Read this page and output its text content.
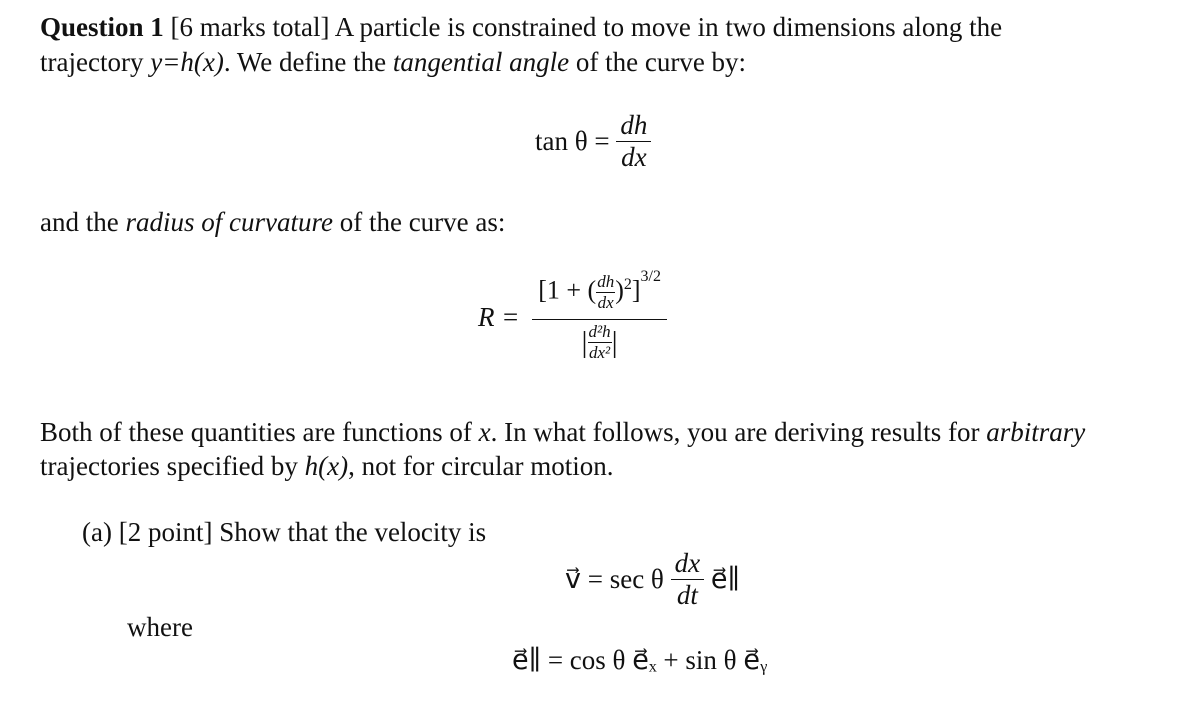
Question 1 [6 marks total] A particle is constrained to move in two dimensions along the
trajectory y=h(x). We define the tangential angle of the curve by:
$\tan \theta = \frac{dh}{dx}$
and the radius of curvature of the curve as:
$R = \frac{[1 + ( \frac{dh}{dx} )^2]^{3/2}}{| \frac{\text{d²h}}{\text{dx²}} |}$
Both of these quantities are functions of x. In what follows, you are deriving results for arbitrary
trajectories specified by h(x), not for circular motion.
(a) [2 point] Show that the velocity is
v⃗ = sec θ $\frac{dx}{dt}$ e⃗∥
where
e⃗∥ = cos θ e⃗ₓ + sin θ e⃗ᵧ
